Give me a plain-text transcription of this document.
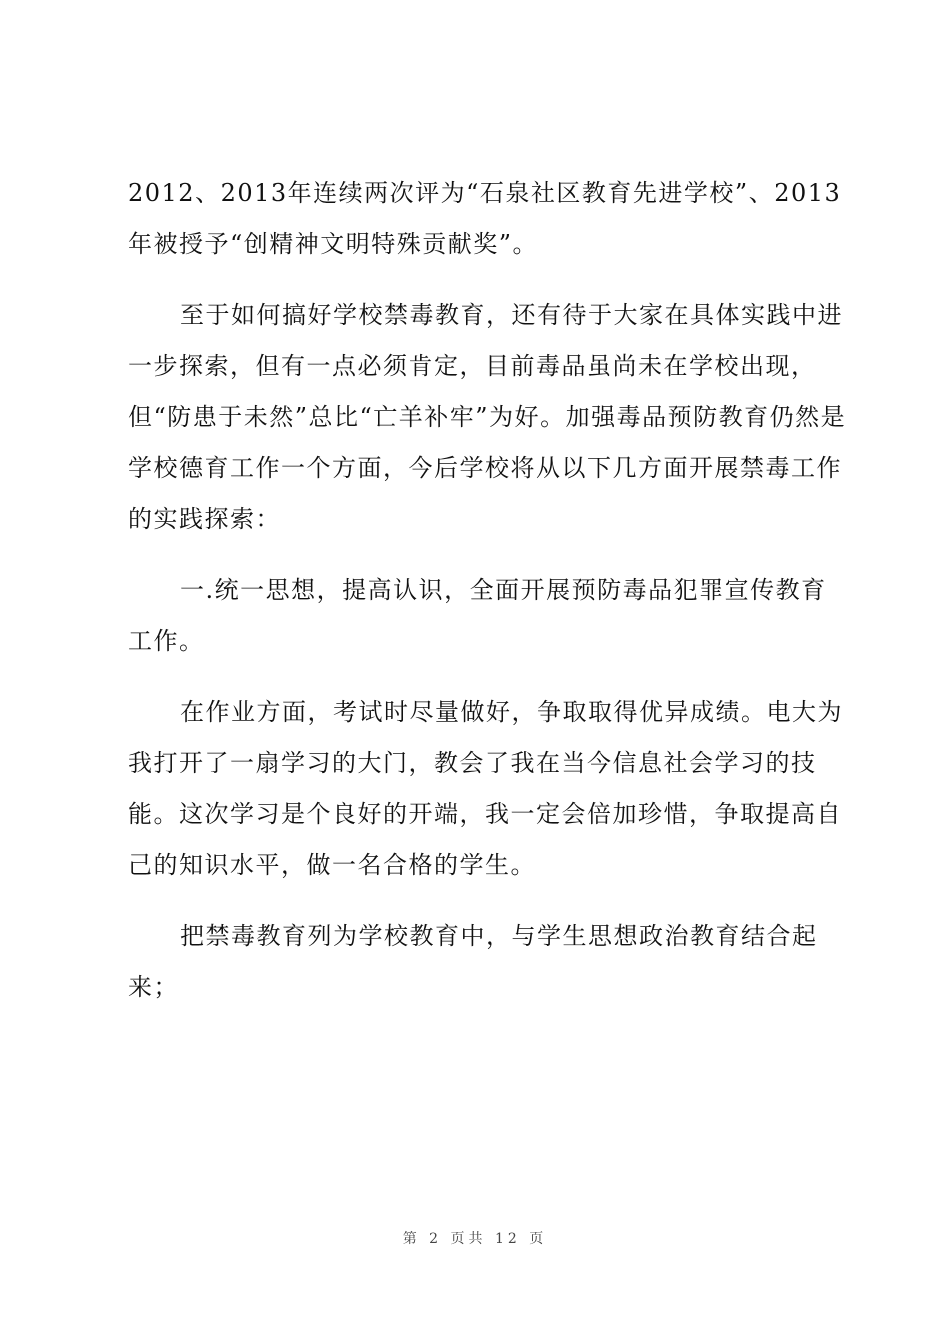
2012、2013年连续两次评为“石泉社区教育先进学校”、2013年被授予“创精神文明特殊贡献奖”。

至于如何搞好学校禁毒教育，还有待于大家在具体实践中进一步探索，但有一点必须肯定，目前毒品虽尚未在学校出现，但“防患于未然”总比“亡羊补牢”为好。加强毒品预防教育仍然是学校德育工作一个方面，今后学校将从以下几方面开展禁毒工作的实践探索：

一.统一思想，提高认识，全面开展预防毒品犯罪宣传教育工作。

在作业方面，考试时尽量做好，争取取得优异成绩。电大为我打开了一扇学习的大门，教会了我在当今信息社会学习的技能。这次学习是个良好的开端，我一定会倍加珍惜，争取提高自己的知识水平，做一名合格的学生。

把禁毒教育列为学校教育中，与学生思想政治教育结合起来；

第 2 页共 12 页
